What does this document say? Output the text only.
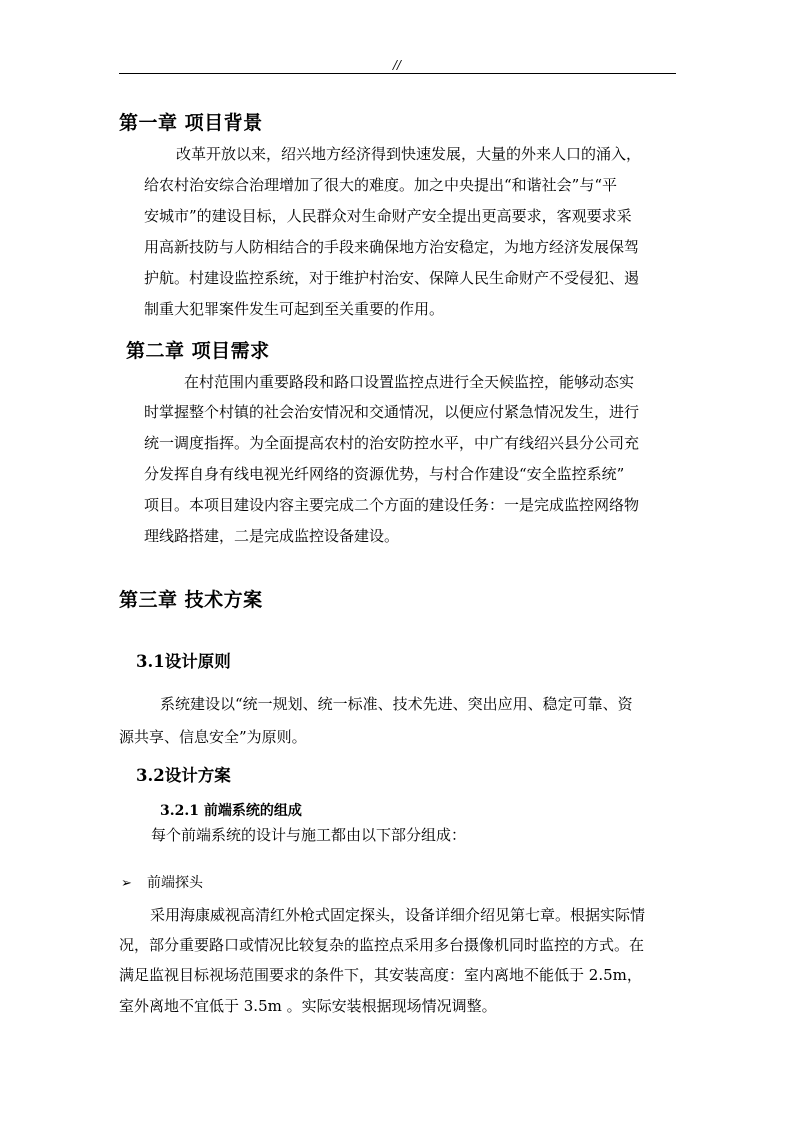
//
第一章 项目背景
改革开放以来，绍兴地方经济得到快速发展，大量的外来人口的涌入，
给农村治安综合治理增加了很大的难度。加之中央提出“和谐社会”与“平
安城市”的建设目标，人民群众对生命财产安全提出更高要求，客观要求采
用高新技防与人防相结合的手段来确保地方治安稳定，为地方经济发展保驾
护航。村建设监控系统，对于维护村治安、保障人民生命财产不受侵犯、遏
制重大犯罪案件发生可起到至关重要的作用。
第二章 项目需求
在村范围内重要路段和路口设置监控点进行全天候监控，能够动态实
时掌握整个村镇的社会治安情况和交通情况，以便应付紧急情况发生，进行
统一调度指挥。为全面提高农村的治安防控水平，中广有线绍兴县分公司充
分发挥自身有线电视光纤网络的资源优势，与村合作建设“安全监控系统”
项目。本项目建设内容主要完成二个方面的建设任务：一是完成监控网络物
理线路搭建，二是完成监控设备建设。
第三章 技术方案
3.1设计原则
系统建设以“统一规划、统一标准、技术先进、突出应用、稳定可靠、资
源共享、信息安全”为原则。
3.2设计方案
3.2.1 前端系统的组成
每个前端系统的设计与施工都由以下部分组成：
➢ 前端探头
采用海康威视高清红外枪式固定探头，设备详细介绍见第七章。根据实际情
况，部分重要路口或情况比较复杂的监控点采用多台摄像机同时监控的方式。在
满足监视目标视场范围要求的条件下，其安装高度：室内离地不能低于 2.5m，
室外离地不宜低于 3.5m 。实际安装根据现场情况调整。
